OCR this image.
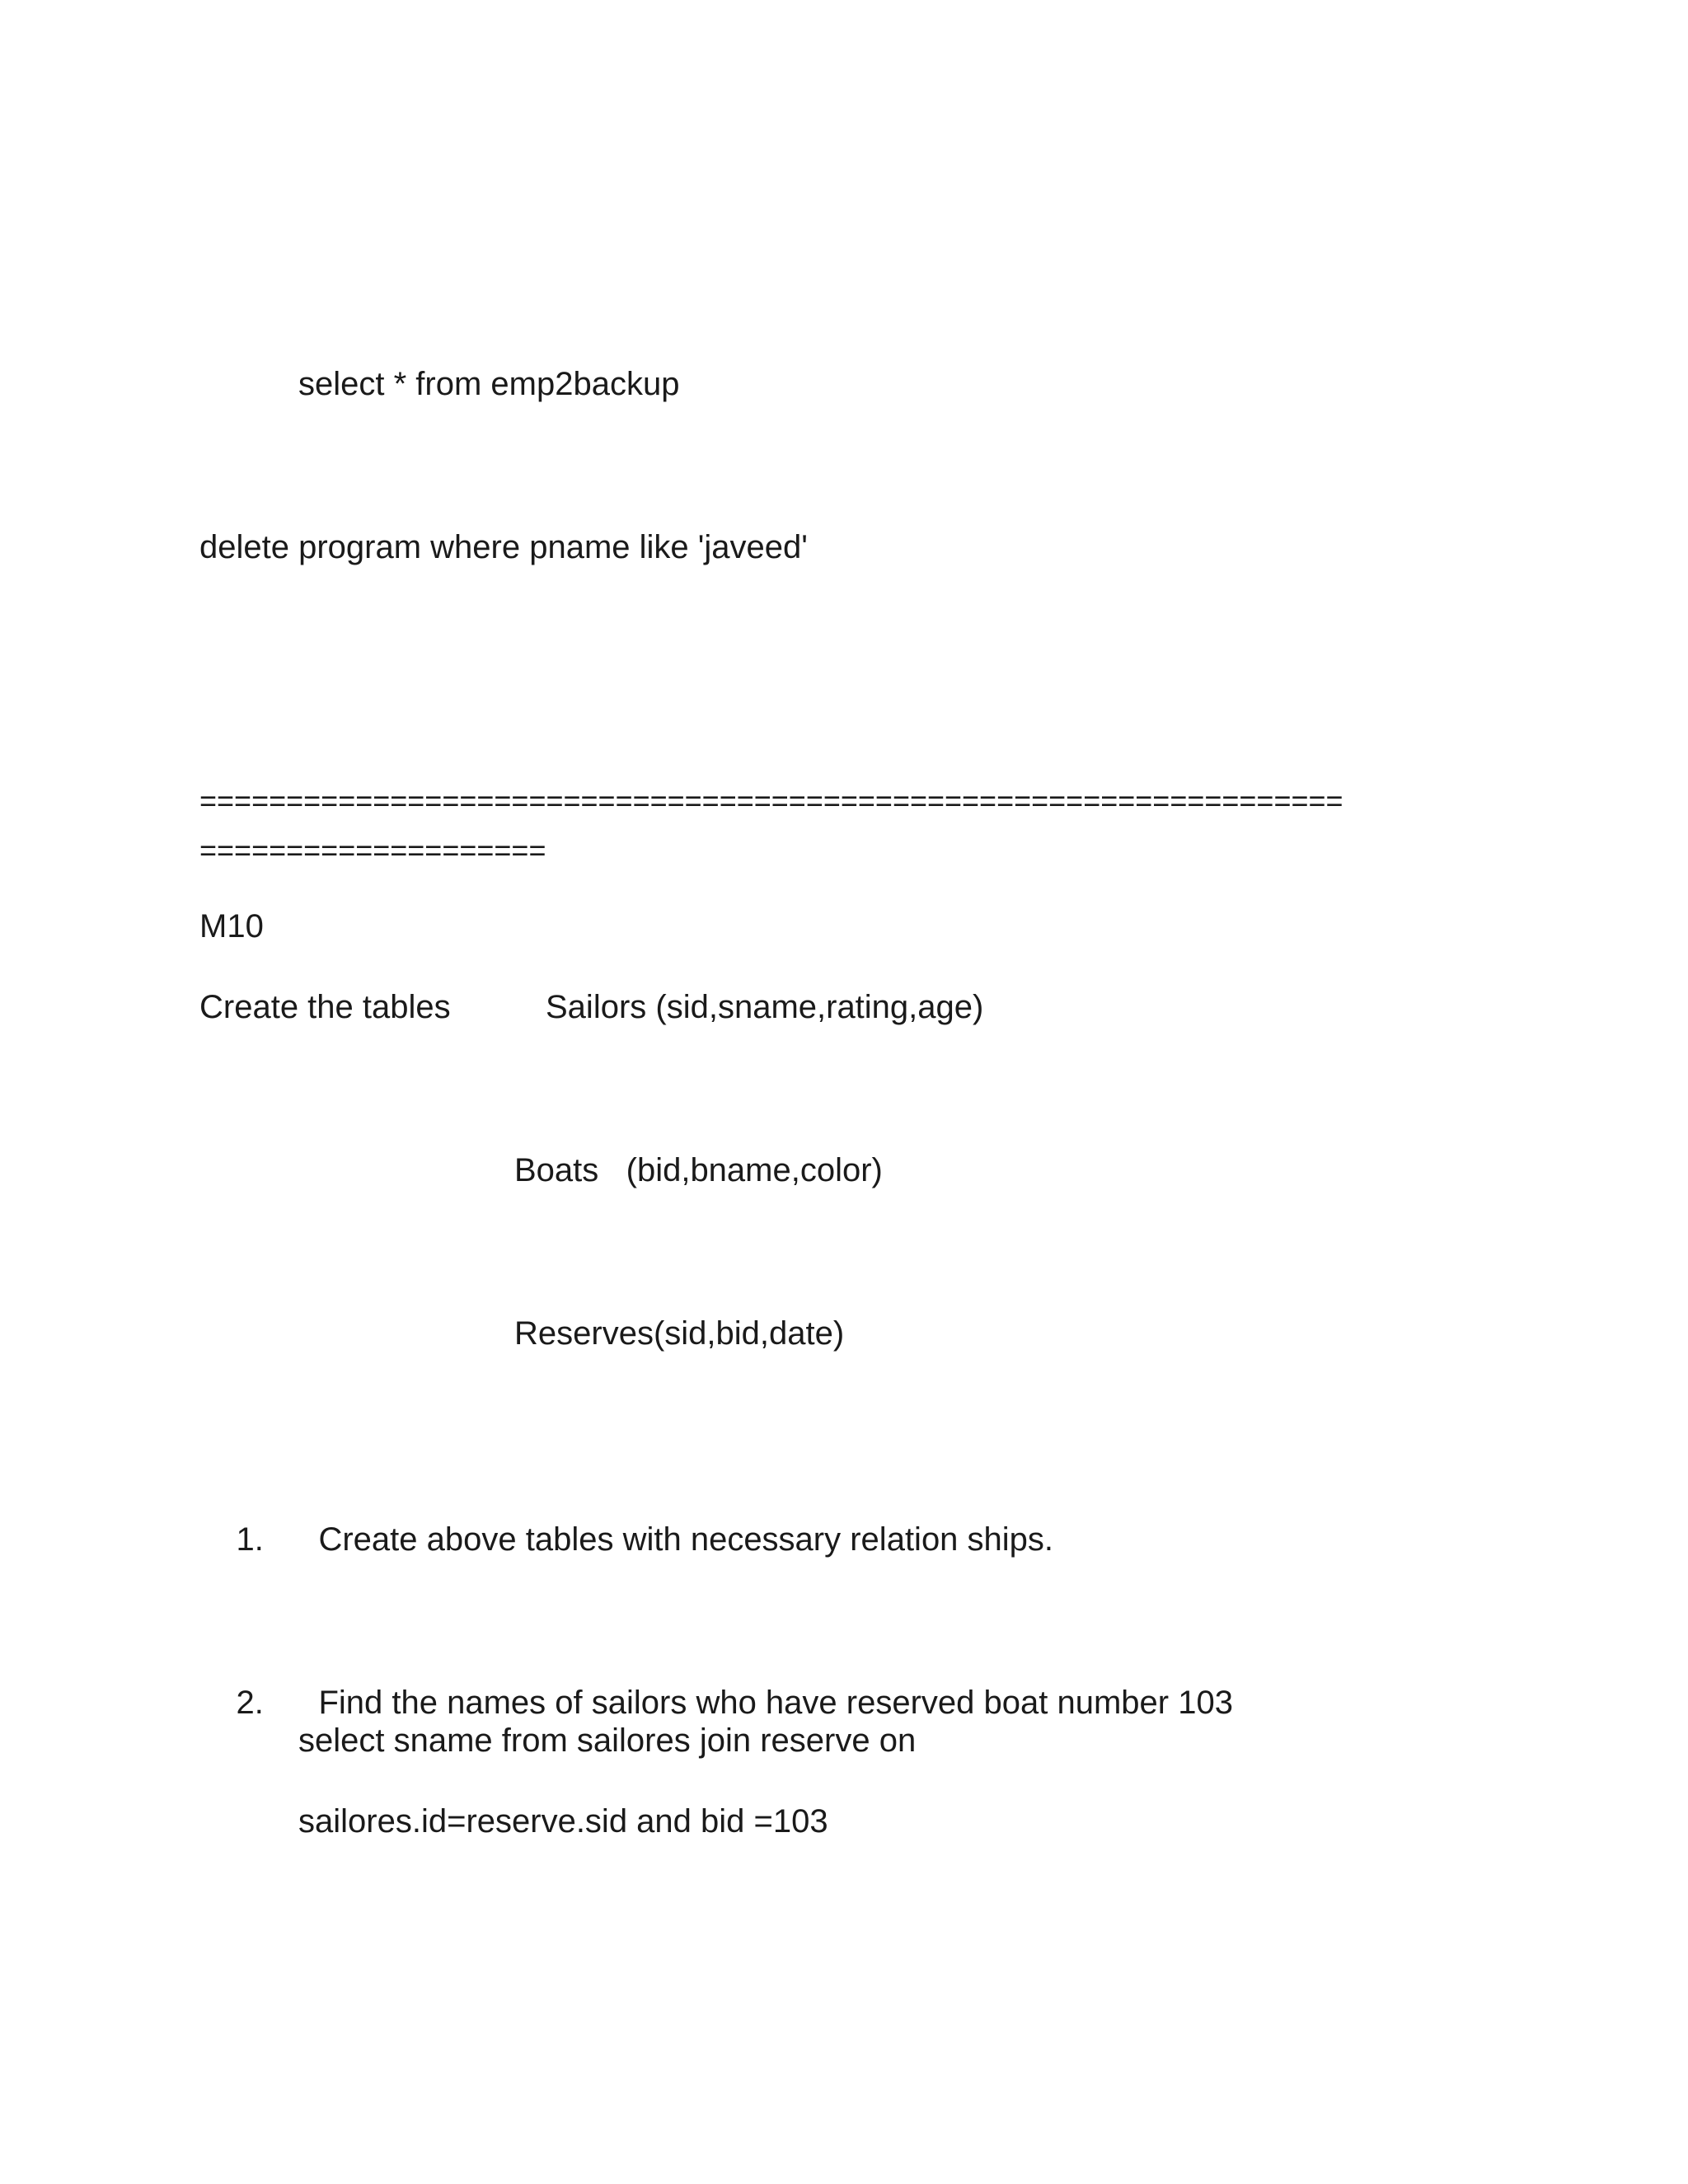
select * from emp2backup
delete program where pname like 'javeed'
==================================================================
====================
M10
Create the tables	Sailors (sid,sname,rating,age)
Boats   (bid,bname,color)
Reserves(sid,bid,date)

1. Create above tables with necessary relation ships.

2. Find the names of sailors who have reserved boat number 103

select sname from sailores join reserve on
sailores.id=reserve.sid and bid =103
